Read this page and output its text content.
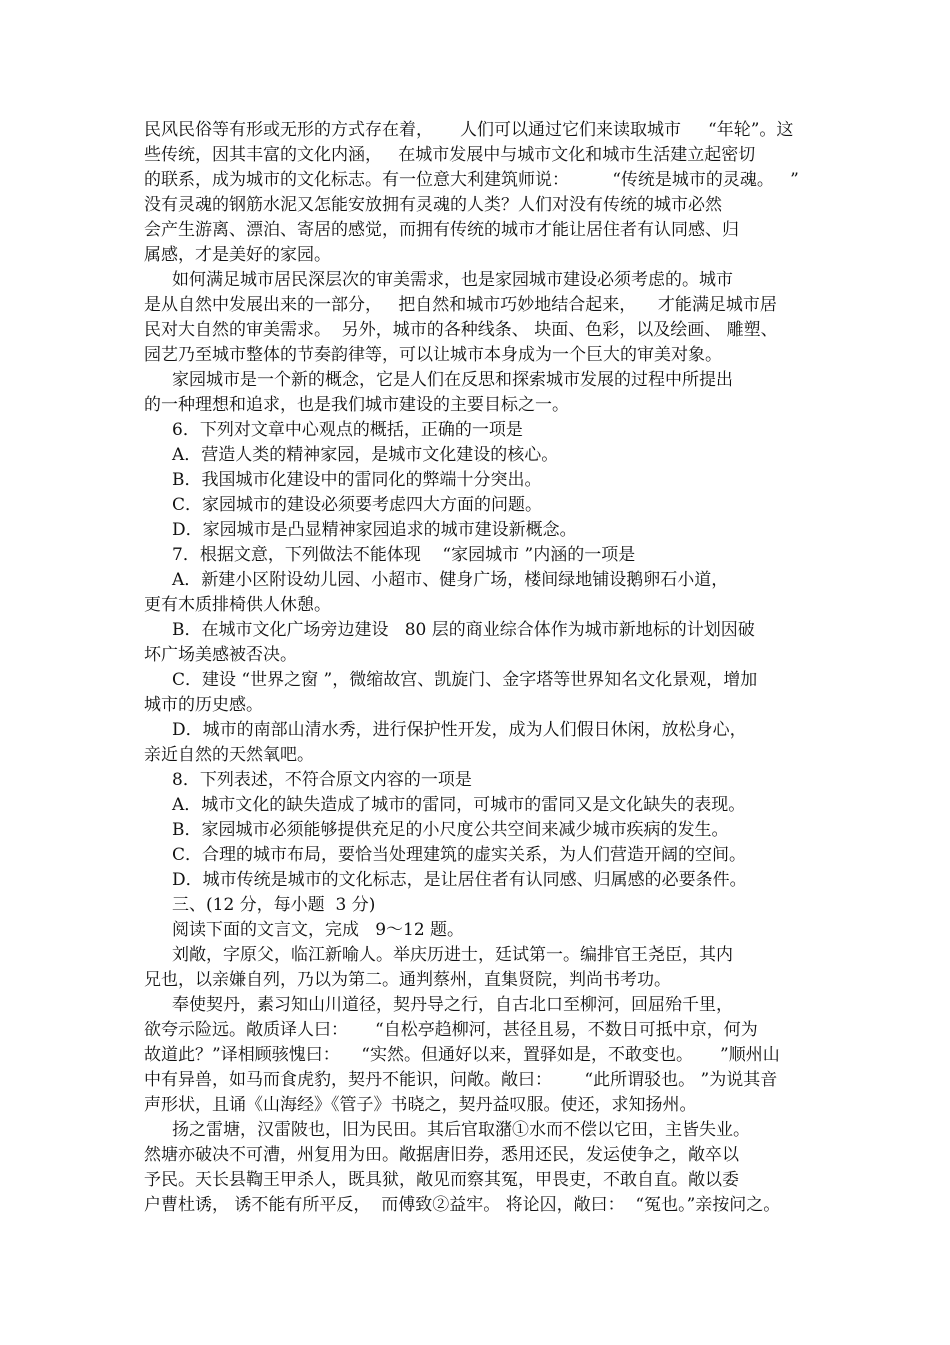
民风民俗等有形或无形的方式存在着，     人们可以通过它们来读取城市     “年轮”。这
些传统，因其丰富的文化内涵，   在城市发展中与城市文化和城市生活建立起密切
的联系，成为城市的文化标志。有一位意大利建筑师说：        “传统是城市的灵魂。   ”
没有灵魂的钢筋水泥又怎能安放拥有灵魂的人类？人们对没有传统的城市必然
会产生游离、漂泊、寄居的感觉，而拥有传统的城市才能让居住者有认同感、归
属感，才是美好的家园。
如何满足城市居民深层次的审美需求，也是家园城市建设必须考虑的。城市
是从自然中发展出来的一部分，   把自然和城市巧妙地结合起来，    才能满足城市居
民对大自然的审美需求。  另外，城市的各种线条、 块面、色彩，以及绘画、 雕塑、
园艺乃至城市整体的节奏韵律等，可以让城市本身成为一个巨大的审美对象。
家园城市是一个新的概念，它是人们在反思和探索城市发展的过程中所提出
的一种理想和追求，也是我们城市建设的主要目标之一。
6．下列对文章中心观点的概括，正确的一项是
A．营造人类的精神家园，是城市文化建设的核心。
B．我国城市化建设中的雷同化的弊端十分突出。
C．家园城市的建设必须要考虑四大方面的问题。
D．家园城市是凸显精神家园追求的城市建设新概念。
7．根据文意，下列做法不能体现    “家园城市 ”内涵的一项是
A．新建小区附设幼儿园、小超市、健身广场，楼间绿地铺设鹅卵石小道，
更有木质排椅供人休憩。
B．在城市文化广场旁边建设   80 层的商业综合体作为城市新地标的计划因破
坏广场美感被否决。
C．建设 “世界之窗 ”，微缩故宫、凯旋门、金字塔等世界知名文化景观，增加
城市的历史感。
D．城市的南部山清水秀，进行保护性开发，成为人们假日休闲，放松身心，
亲近自然的天然氧吧。
8．下列表述，不符合原文内容的一项是
A．城市文化的缺失造成了城市的雷同，可城市的雷同又是文化缺失的表现。
B．家园城市必须能够提供充足的小尺度公共空间来减少城市疾病的发生。
C．合理的城市布局，要恰当处理建筑的虚实关系，为人们营造开阔的空间。
D．城市传统是城市的文化标志，是让居住者有认同感、归属感的必要条件。
三、(12 分，每小题  3 分)
阅读下面的文言文，完成   9～12 题。
刘敞，字原父，临江新喻人。举庆历进士，廷试第一。编排官王尧臣，其内
兄也，以亲嫌自列，乃以为第二。通判蔡州，直集贤院，判尚书考功。
奉使契丹，素习知山川道径，契丹导之行，自古北口至柳河，回屈殆千里，
欲夸示险远。敞质译人曰：     “自松亭趋柳河，甚径且易，不数日可抵中京，何为
故道此？”译相顾骇愧曰：    “实然。但通好以来，置驿如是，不敢变也。     ”顺州山
中有异兽，如马而食虎豹，契丹不能识，问敞。敞曰：      “此所谓驳也。 ”为说其音
声形状，且诵《山海经》《管子》书晓之，契丹益叹服。使还，求知扬州。
扬之雷塘，汉雷陂也，旧为民田。其后官取潴①水而不偿以它田，主皆失业。
然塘亦破决不可漕，州复用为田。敞据唐旧券，悉用还民，发运使争之，敞卒以
予民。天长县鞫王甲杀人，既具狱，敞见而察其冤，甲畏吏，不敢自直。敞以委
户曹杜诱， 诱不能有所平反，  而傅致②益牢。 将论囚，敞曰：  “冤也。”亲按问之。
